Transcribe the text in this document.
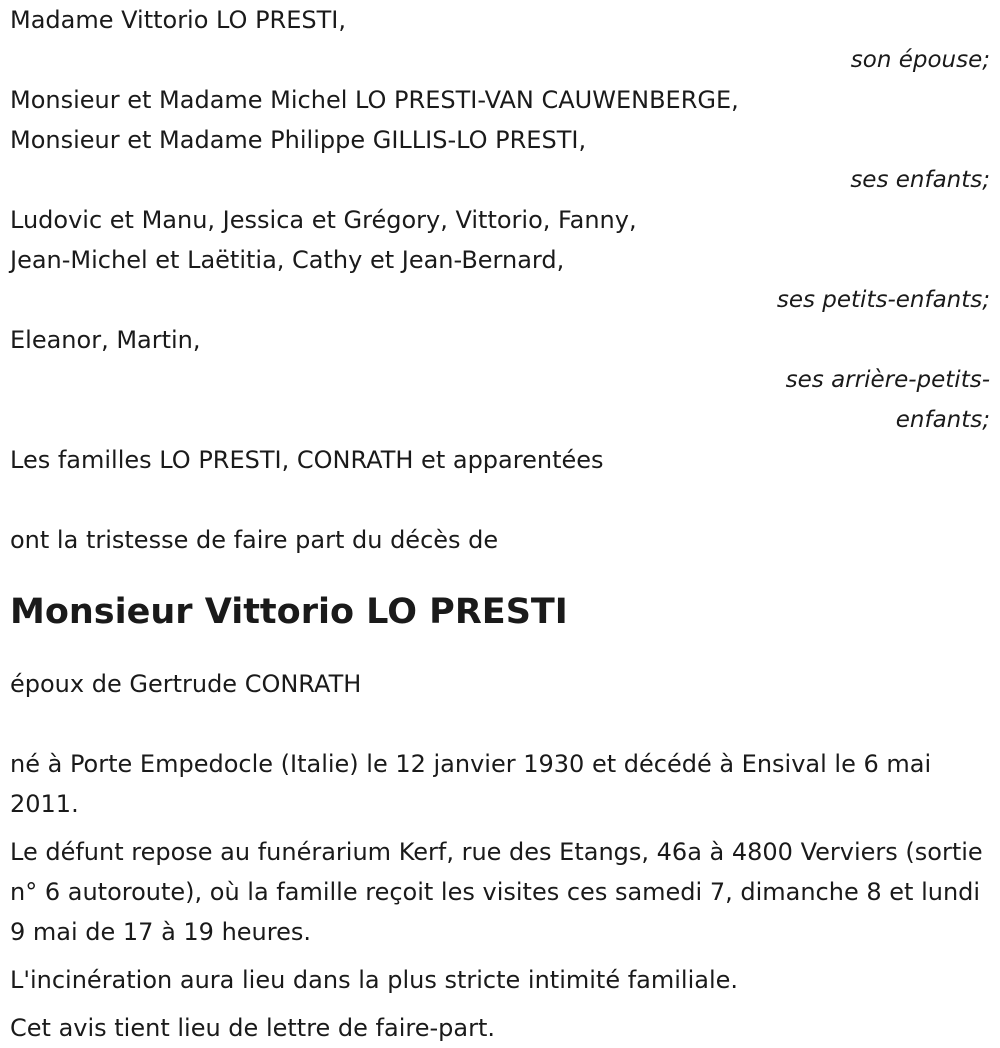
Madame Vittorio LO PRESTI,
son épouse;
Monsieur et Madame Michel LO PRESTI-VAN CAUWENBERGE,
Monsieur et Madame Philippe GILLIS-LO PRESTI,
ses enfants;
Ludovic et Manu, Jessica et Grégory, Vittorio, Fanny,
Jean-Michel et Laëtitia, Cathy et Jean-Bernard,
ses petits-enfants;
Eleanor, Martin,
ses arrière-petits-
enfants;
Les familles LO PRESTI, CONRATH et apparentées
ont la tristesse de faire part du décès de
Monsieur Vittorio LO PRESTI
époux de Gertrude CONRATH
né à Porte Empedocle (Italie) le 12 janvier 1930 et décédé à Ensival le 6 mai 2011.
Le défunt repose au funérarium Kerf, rue des Etangs, 46a à 4800 Verviers (sortie n° 6 autoroute), où la famille reçoit les visites ces samedi 7, dimanche 8 et lundi 9 mai de 17 à 19 heures.
L'incinération aura lieu dans la plus stricte intimité familiale.
Cet avis tient lieu de lettre de faire-part.
